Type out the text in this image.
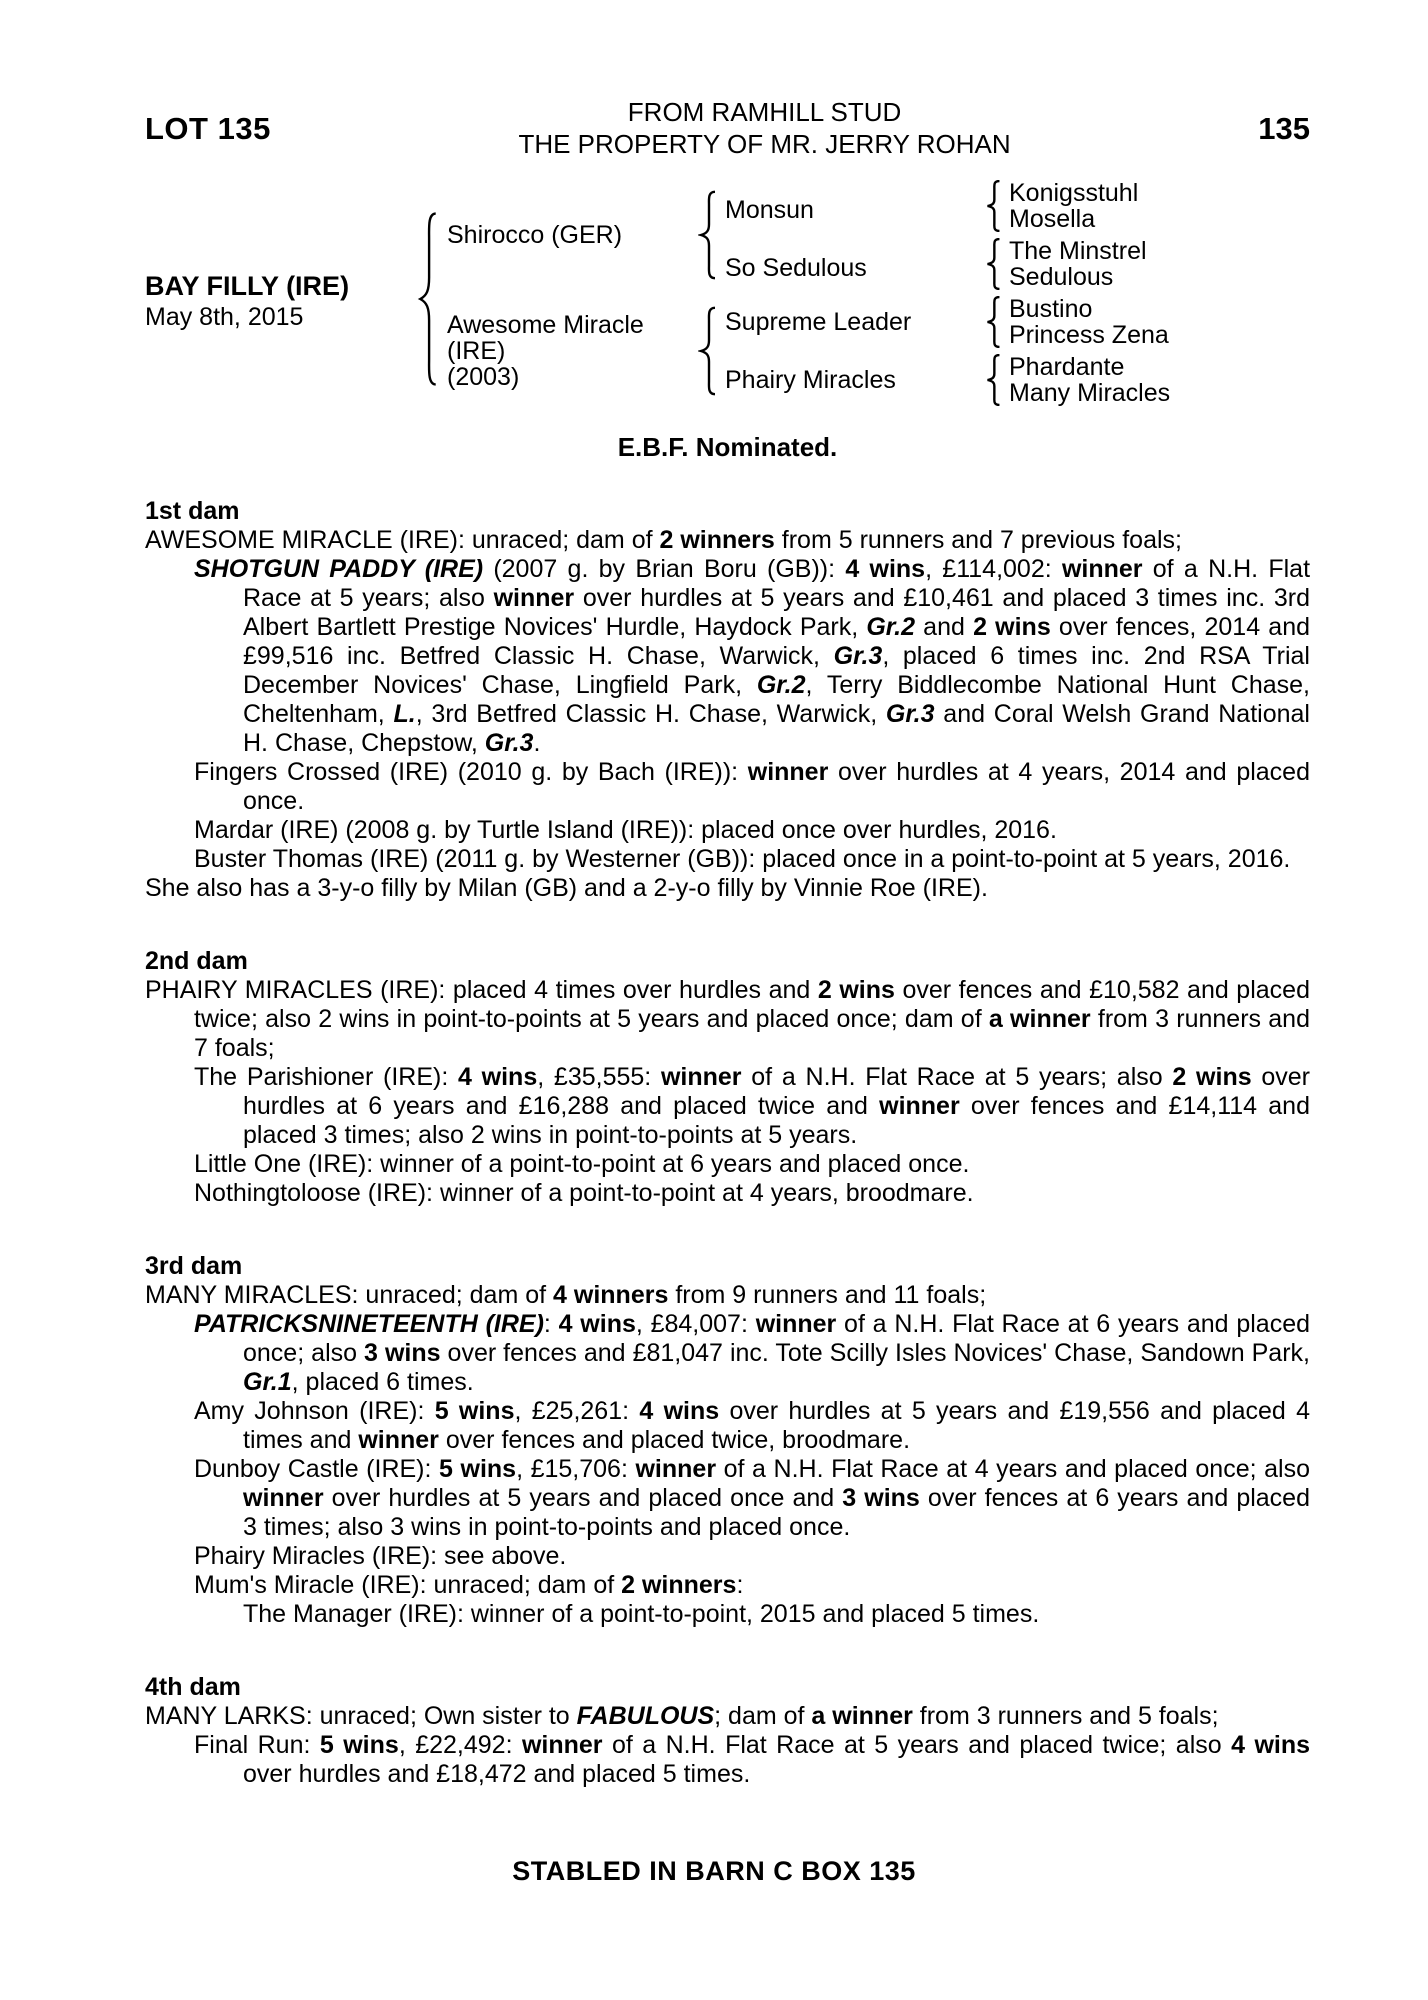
LOT 135	FROM RAMHILL STUD
THE PROPERTY OF MR. JERRY ROHAN	135
BAY FILLY (IRE)
May 8th, 2015
Shirocco (GER)
Awesome Miracle
(IRE)
(2003)
Monsun
So Sedulous
Supreme Leader
Phairy Miracles
Konigsstuhl
Mosella
The Minstrel
Sedulous
Bustino
Princess Zena
Phardante
Many Miracles
E.B.F. Nominated.
1st dam

AWESOME MIRACLE (IRE): unraced; dam of 2 winners from 5 runners and 7 previous foals;

SHOTGUN PADDY (IRE) (2007 g. by Brian Boru (GB)): 4 wins, £114,002: winner of a N.H. Flat Race at 5 years; also winner over hurdles at 5 years and £10,461 and placed 3 times inc. 3rd Albert Bartlett Prestige Novices' Hurdle, Haydock Park, Gr.2 and 2 wins over fences, 2014 and £99,516 inc. Betfred Classic H. Chase, Warwick, Gr.3, placed 6 times inc. 2nd RSA Trial December Novices' Chase, Lingfield Park, Gr.2, Terry Biddlecombe National Hunt Chase, Cheltenham, L., 3rd Betfred Classic H. Chase, Warwick, Gr.3 and Coral Welsh Grand National H. Chase, Chepstow, Gr.3.

Fingers Crossed (IRE) (2010 g. by Bach (IRE)): winner over hurdles at 4 years, 2014 and placed once.

Mardar (IRE) (2008 g. by Turtle Island (IRE)): placed once over hurdles, 2016.

Buster Thomas (IRE) (2011 g. by Westerner (GB)): placed once in a point-to-point at 5 years, 2016.

She also has a 3-y-o filly by Milan (GB) and a 2-y-o filly by Vinnie Roe (IRE).

2nd dam

PHAIRY MIRACLES (IRE): placed 4 times over hurdles and 2 wins over fences and £10,582 and placed twice; also 2 wins in point-to-points at 5 years and placed once; dam of a winner from 3 runners and 7 foals;

The Parishioner (IRE): 4 wins, £35,555: winner of a N.H. Flat Race at 5 years; also 2 wins over hurdles at 6 years and £16,288 and placed twice and winner over fences and £14,114 and placed 3 times; also 2 wins in point-to-points at 5 years.

Little One (IRE): winner of a point-to-point at 6 years and placed once.

Nothingtoloose (IRE): winner of a point-to-point at 4 years, broodmare.

3rd dam

MANY MIRACLES: unraced; dam of 4 winners from 9 runners and 11 foals;

PATRICKSNINETEENTH (IRE): 4 wins, £84,007: winner of a N.H. Flat Race at 6 years and placed once; also 3 wins over fences and £81,047 inc. Tote Scilly Isles Novices' Chase, Sandown Park, Gr.1, placed 6 times.

Amy Johnson (IRE): 5 wins, £25,261: 4 wins over hurdles at 5 years and £19,556 and placed 4 times and winner over fences and placed twice, broodmare.

Dunboy Castle (IRE): 5 wins, £15,706: winner of a N.H. Flat Race at 4 years and placed once; also winner over hurdles at 5 years and placed once and 3 wins over fences at 6 years and placed 3 times; also 3 wins in point-to-points and placed once.

Phairy Miracles (IRE): see above.

Mum's Miracle (IRE): unraced; dam of 2 winners:

The Manager (IRE): winner of a point-to-point, 2015 and placed 5 times.

4th dam

MANY LARKS: unraced; Own sister to FABULOUS; dam of a winner from 3 runners and 5 foals;

Final Run: 5 wins, £22,492: winner of a N.H. Flat Race at 5 years and placed twice; also 4 wins over hurdles and £18,472 and placed 5 times.

STABLED IN BARN C BOX 135
